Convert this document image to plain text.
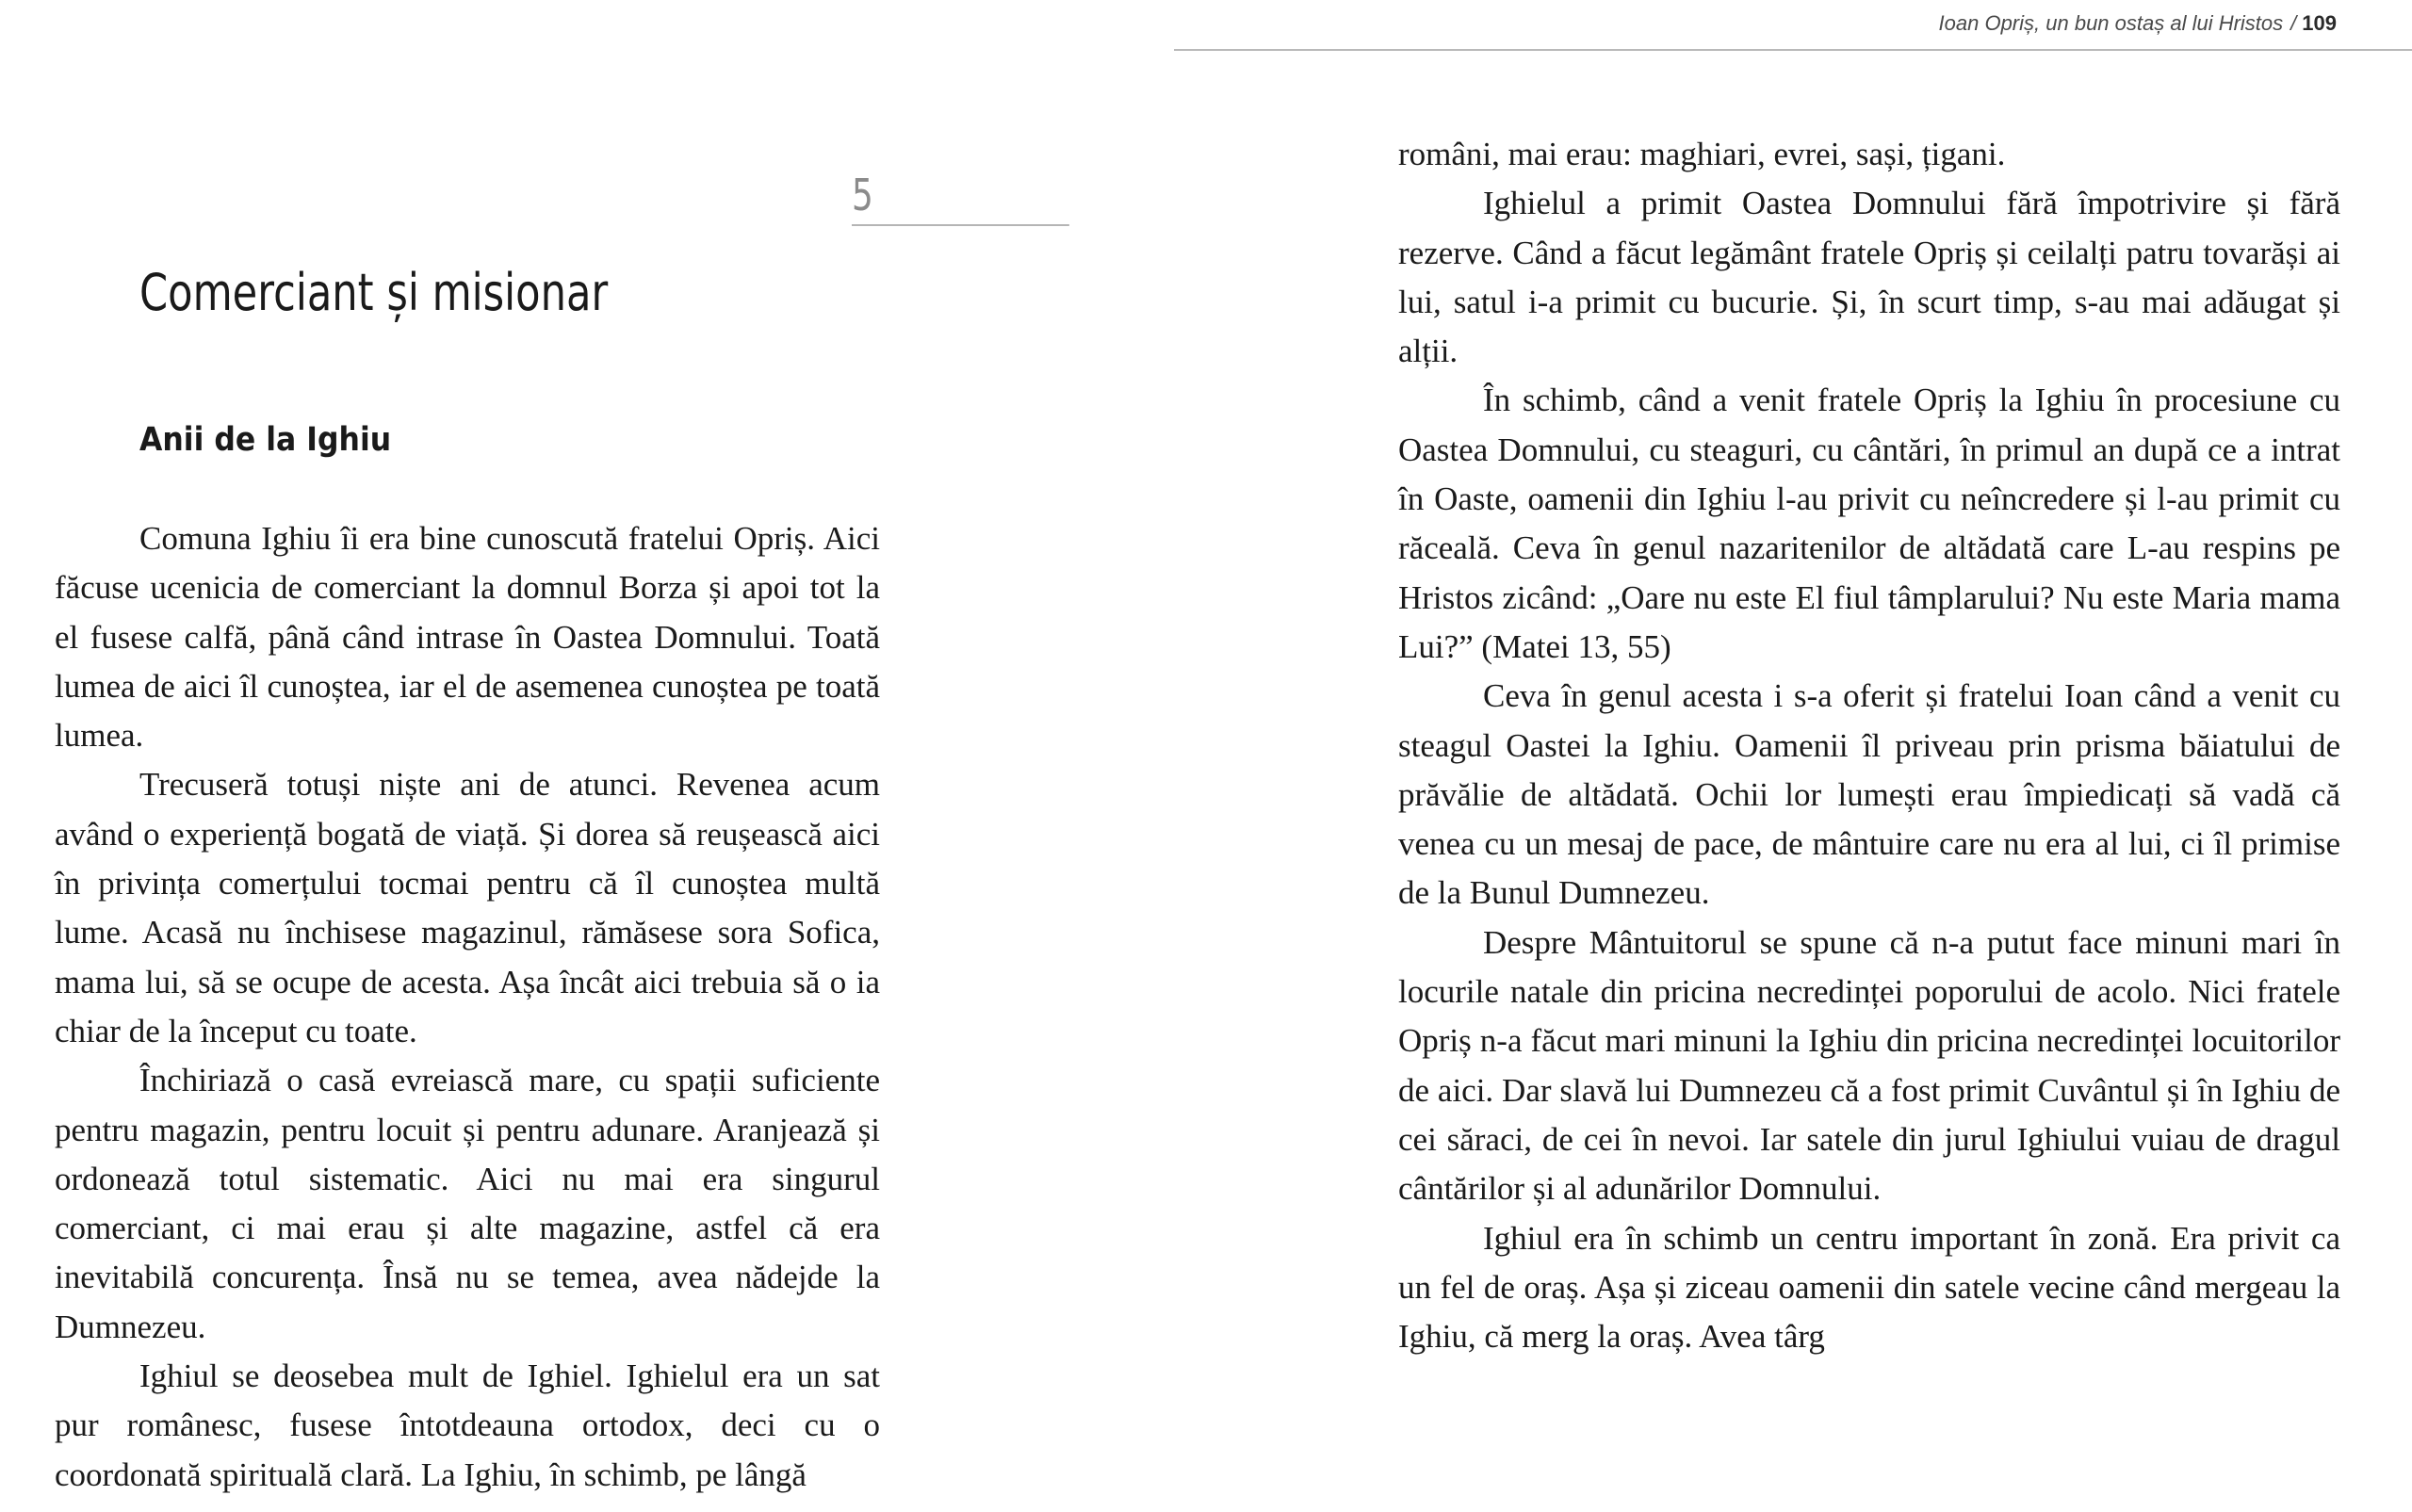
5
Comerciant și misionar
Anii de la Ighiu

Comuna Ighiu îi era bine cunoscută fratelui Opriș. Aici făcuse ucenicia de comerciant la domnul Borza și apoi tot la el fusese calfă, până când intrase în Oastea Domnului. Toată lumea de aici îl cunoștea, iar el de asemenea cunoștea pe toată lumea.

Trecuseră totuși niște ani de atunci. Revenea acum având o experiență bogată de viață. Și dorea să reușească aici în privința comerțului tocmai pentru că îl cunoștea multă lume. Acasă nu închisese magazinul, rămăsese sora Sofica, mama lui, să se ocupe de acesta. Așa încât aici trebuia să o ia chiar de la început cu toate.

Închiriază o casă evreiască mare, cu spații suficiente pentru magazin, pentru locuit și pentru adunare. Aranjează și ordonează totul sistematic. Aici nu mai era singurul comerciant, ci mai erau și alte magazine, astfel că era inevitabilă concurența. Însă nu se temea, avea nădejde la Dumnezeu.

Ighiul se deosebea mult de Ighiel. Ighielul era un sat pur românesc, fusese întotdeauna ortodox, deci cu o coordonată spirituală clară. La Ighiu, în schimb, pe lângă

Ioan Opriș, un bun ostaș al lui Hristos / 109

români, mai erau: maghiari, evrei, sași, țigani.

Ighielul a primit Oastea Domnului fără împotrivire și fără rezerve. Când a făcut legământ fratele Opriș și ceilalți patru tovarăși ai lui, satul i-a primit cu bucurie. Și, în scurt timp, s-au mai adăugat și alții.

În schimb, când a venit fratele Opriș la Ighiu în procesiune cu Oastea Domnului, cu steaguri, cu cântări, în primul an după ce a intrat în Oaste, oamenii din Ighiu l-au privit cu neîncredere și l-au primit cu răceală. Ceva în genul nazaritenilor de altădată care L-au respins pe Hristos zicând: „Oare nu este El fiul tâmplarului? Nu este Maria mama Lui?” (Matei 13, 55)

Ceva în genul acesta i s-a oferit și fratelui Ioan când a venit cu steagul Oastei la Ighiu. Oamenii îl priveau prin prisma băiatului de prăvălie de altădată. Ochii lor lumești erau împiedicați să vadă că venea cu un mesaj de pace, de mântuire care nu era al lui, ci îl primise de la Bunul Dumnezeu.

Despre Mântuitorul se spune că n-a putut face minuni mari în locurile natale din pricina necredinței poporului de acolo. Nici fratele Opriș n-a făcut mari minuni la Ighiu din pricina necredinței locuitorilor de aici. Dar slavă lui Dumnezeu că a fost primit Cuvântul și în Ighiu de cei săraci, de cei în nevoi. Iar satele din jurul Ighiului vuiau de dragul cântărilor și al adunărilor Domnului.

Ighiul era în schimb un centru important în zonă. Era privit ca un fel de oraș. Așa și ziceau oamenii din satele vecine când mergeau la Ighiu, că merg la oraș. Avea târg
